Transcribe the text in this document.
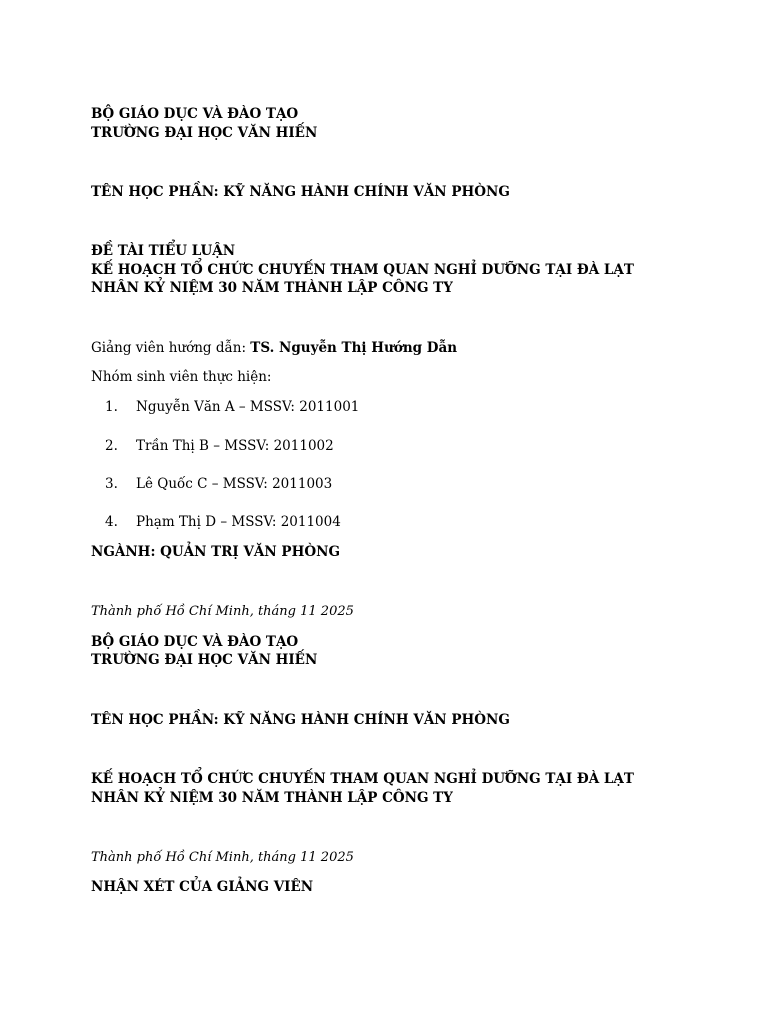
BỘ GIÁO DỤC VÀ ĐÀO TẠO
TRƯỜNG ĐẠI HỌC VĂN HIẾN
TÊN HỌC PHẦN: KỸ NĂNG HÀNH CHÍNH VĂN PHÒNG
ĐỀ TÀI TIỂU LUẬN
KẾ HOẠCH TỔ CHỨC CHUYẾN THAM QUAN NGHỈ DƯỠNG TẠI ĐÀ LẠT
NHÂN KỶ NIỆM 30 NĂM THÀNH LẬP CÔNG TY
Giảng viên hướng dẫn: TS. Nguyễn Thị Hướng Dẫn
Nhóm sinh viên thực hiện:
1. Nguyễn Văn A – MSSV: 2011001
2. Trần Thị B – MSSV: 2011002
3. Lê Quốc C – MSSV: 2011003
4. Phạm Thị D – MSSV: 2011004
NGÀNH: QUẢN TRỊ VĂN PHÒNG
Thành phố Hồ Chí Minh, tháng 11 2025
BỘ GIÁO DỤC VÀ ĐÀO TẠO
TRƯỜNG ĐẠI HỌC VĂN HIẾN
TÊN HỌC PHẦN: KỸ NĂNG HÀNH CHÍNH VĂN PHÒNG
KẾ HOẠCH TỔ CHỨC CHUYẾN THAM QUAN NGHỈ DƯỠNG TẠI ĐÀ LẠT
NHÂN KỶ NIỆM 30 NĂM THÀNH LẬP CÔNG TY
Thành phố Hồ Chí Minh, tháng 11 2025
NHẬN XÉT CỦA GIẢNG VIÊN
